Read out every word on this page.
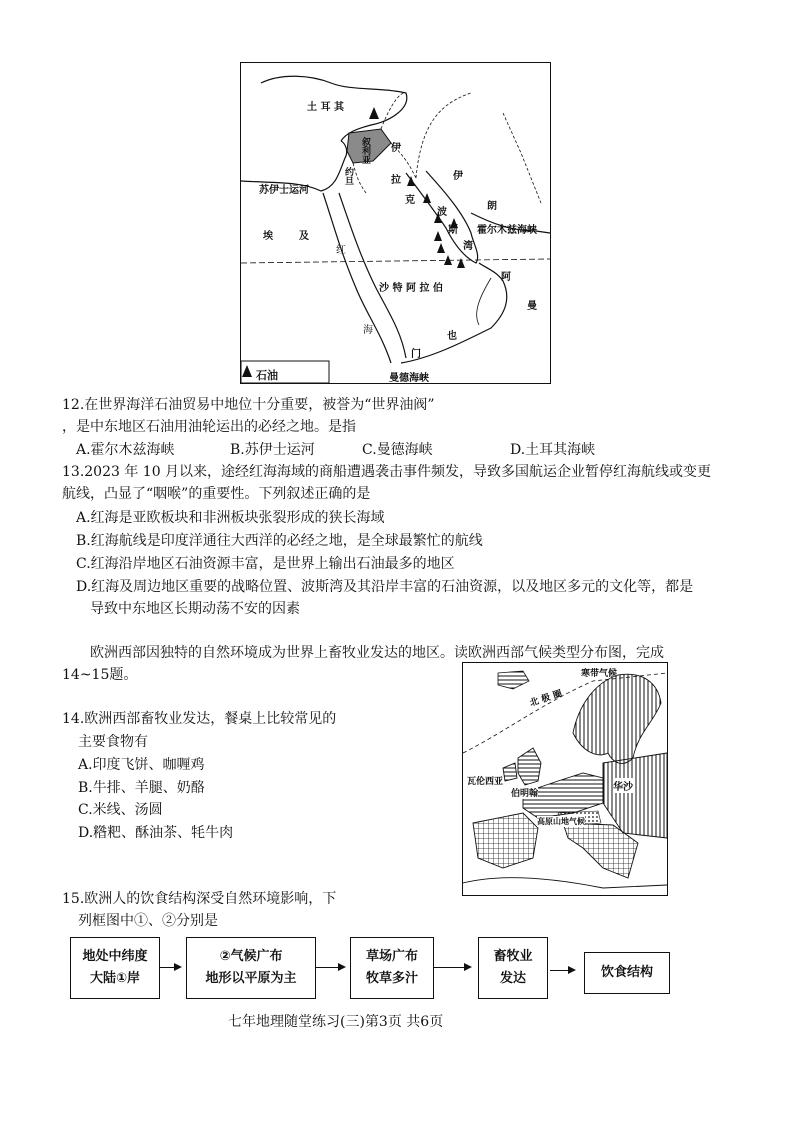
土 耳 其
叙利亚
约旦	拉
克
伊
伊
朗
波
斯
湾
霍尔木兹海峡
苏伊士运河
埃	及
红
海
沙 特 阿 拉 伯
阿
曼
也
门
曼德海峡
石油
12.在世界海洋石油贸易中地位十分重要，被誉为“世界油阀”
，是中东地区石油用油轮运出的必经之地。是指
A.霍尔木兹海峡	B.苏伊士运河	C.曼德海峡	D.土耳其海峡
13.2023 年 10 月以来，途经红海海域的商船遭遇袭击事件频发，导致多国航运企业暂停红海航线或变更
航线，凸显了“咽喉”的重要性。下列叙述正确的是
A.红海是亚欧板块和非洲板块张裂形成的狭长海域
B.红海航线是印度洋通往大西洋的必经之地，是全球最繁忙的航线
C.红海沿岸地区石油资源丰富，是世界上输出石油最多的地区
D.红海及周边地区重要的战略位置、波斯湾及其沿岸丰富的石油资源，以及地区多元的文化等，都是
导致中东地区长期动荡不安的因素
欧洲西部因独特的自然环境成为世界上畜牧业发达的地区。读欧洲西部气候类型分布图，完成
14~15题。	寒带气候
北 极 圈
瓦伦西亚
伯明翰
华沙
高原山地气候
14.欧洲西部畜牧业发达，餐桌上比较常见的
主要食物有
A.印度飞饼、咖喱鸡
B.牛排、羊腿、奶酪
C.米线、汤圆
D.糌粑、酥油茶、牦牛肉
15.欧洲人的饮食结构深受自然环境影响，下
列框图中①、②分别是
地处中纬度
大陆①岸
②气候广布
地形以平原为主
草场广布
牧草多汁
畜牧业
发达	饮食结构
七年地理随堂练习(三)第3页 共6页
